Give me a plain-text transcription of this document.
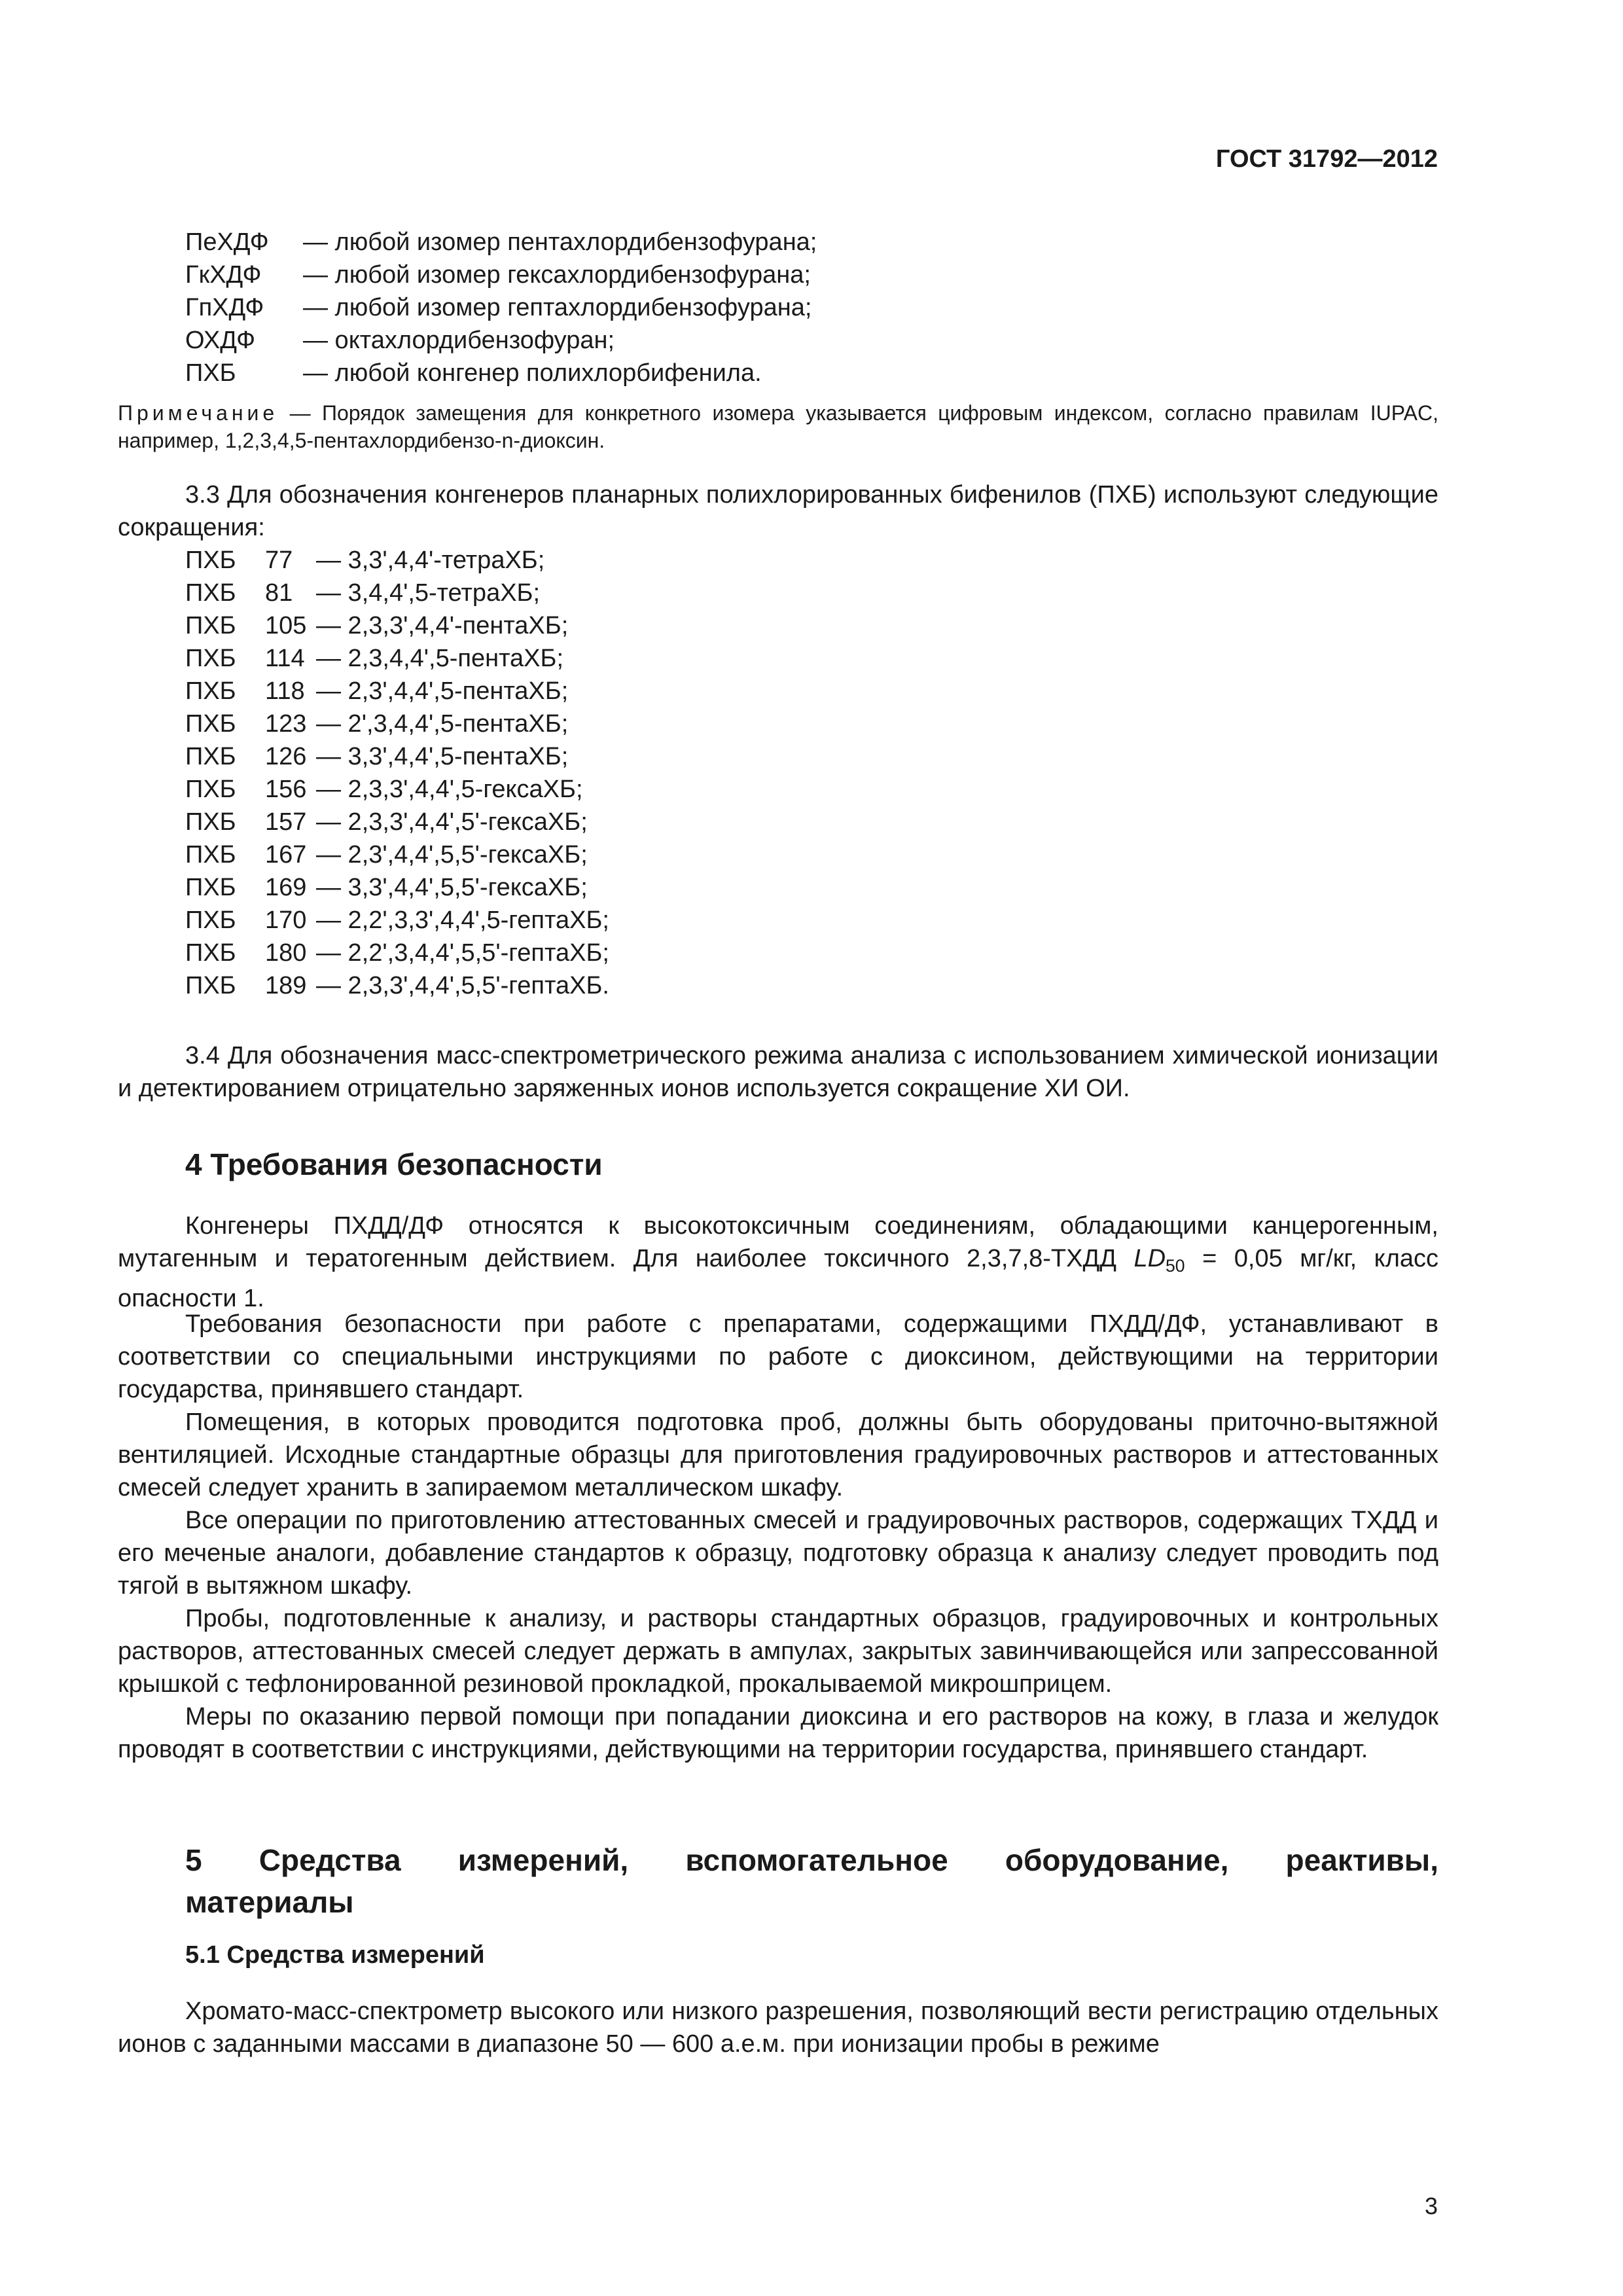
ГОСТ 31792—2012
ПеХДФ	— любой изомер пентахлордибензофурана;
ГкХДФ	— любой изомер гексахлордибензофурана;
ГпХДФ	— любой изомер гептахлордибензофурана;
ОХДФ	— октахлордибензофуран;
ПХБ	— любой конгенер полихлорбифенила.
Примечание — Порядок замещения для конкретного изомера указывается цифровым индексом, согласно правилам IUPAC, например, 1,2,3,4,5-пентахлордибензо-n-диоксин.

3.3 Для обозначения конгенеров планарных полихлорированных бифенилов (ПХБ) используют следующие сокращения:

ПХБ	77 — 3,3',4,4'-тетраХБ;
ПХБ	81 — 3,4,4',5-тетраХБ;
ПХБ	105 — 2,3,3',4,4'-пентаХБ;
ПХБ	114 — 2,3,4,4',5-пентаХБ;
ПХБ	118 — 2,3',4,4',5-пентаХБ;
ПХБ	123 — 2',3,4,4',5-пентаХБ;
ПХБ	126 — 3,3',4,4',5-пентаХБ;
ПХБ	156 — 2,3,3',4,4',5-гексаХБ;
ПХБ	157 — 2,3,3',4,4',5'-гексаХБ;
ПХБ	167 — 2,3',4,4',5,5'-гексаХБ;
ПХБ	169 — 3,3',4,4',5,5'-гексаХБ;
ПХБ	170 — 2,2',3,3',4,4',5-гептаХБ;
ПХБ	180 — 2,2',3,4,4',5,5'-гептаХБ;
ПХБ	189 — 2,3,3',4,4',5,5'-гептаХБ.

3.4 Для обозначения масс-спектрометрического режима анализа с использованием химической ионизации и детектированием отрицательно заряженных ионов используется сокращение ХИ ОИ.

4 Требования безопасности

Конгенеры ПХДД/ДФ относятся к высокотоксичным соединениям, обладающими канцерогенным, мутагенным и тератогенным действием. Для наиболее токсичного 2,3,7,8-ТХДД $LD_{50} = 0,05$ мг/кг, класс опасности 1.

Требования безопасности при работе с препаратами, содержащими ПХДД/ДФ, устанавливают в соответствии со специальными инструкциями по работе с диоксином, действующими на территории государства, принявшего стандарт.

Помещения, в которых проводится подготовка проб, должны быть оборудованы приточно-вытяжной вентиляцией. Исходные стандартные образцы для приготовления градуировочных растворов и аттестованных смесей следует хранить в запираемом металлическом шкафу.

Все операции по приготовлению аттестованных смесей и градуировочных растворов, содержащих ТХДД и его меченые аналоги, добавление стандартов к образцу, подготовку образца к анализу следует проводить под тягой в вытяжном шкафу.

Пробы, подготовленные к анализу, и растворы стандартных образцов, градуировочных и контрольных растворов, аттестованных смесей следует держать в ампулах, закрытых завинчивающейся или запрессованной крышкой с тефлонированной резиновой прокладкой, прокалываемой микрошприцем.

Меры по оказанию первой помощи при попадании диоксина и его растворов на кожу, в глаза и желудок проводят в соответствии с инструкциями, действующими на территории государства, принявшего стандарт.

5 Средства измерений, вспомогательное оборудование, реактивы,
материалы
5.1 Средства измерений

Хромато-масс-спектрометр высокого или низкого разрешения, позволяющий вести регистрацию отдельных ионов с заданными массами в диапазоне 50 — 600 а.е.м. при ионизации пробы в режиме

3
